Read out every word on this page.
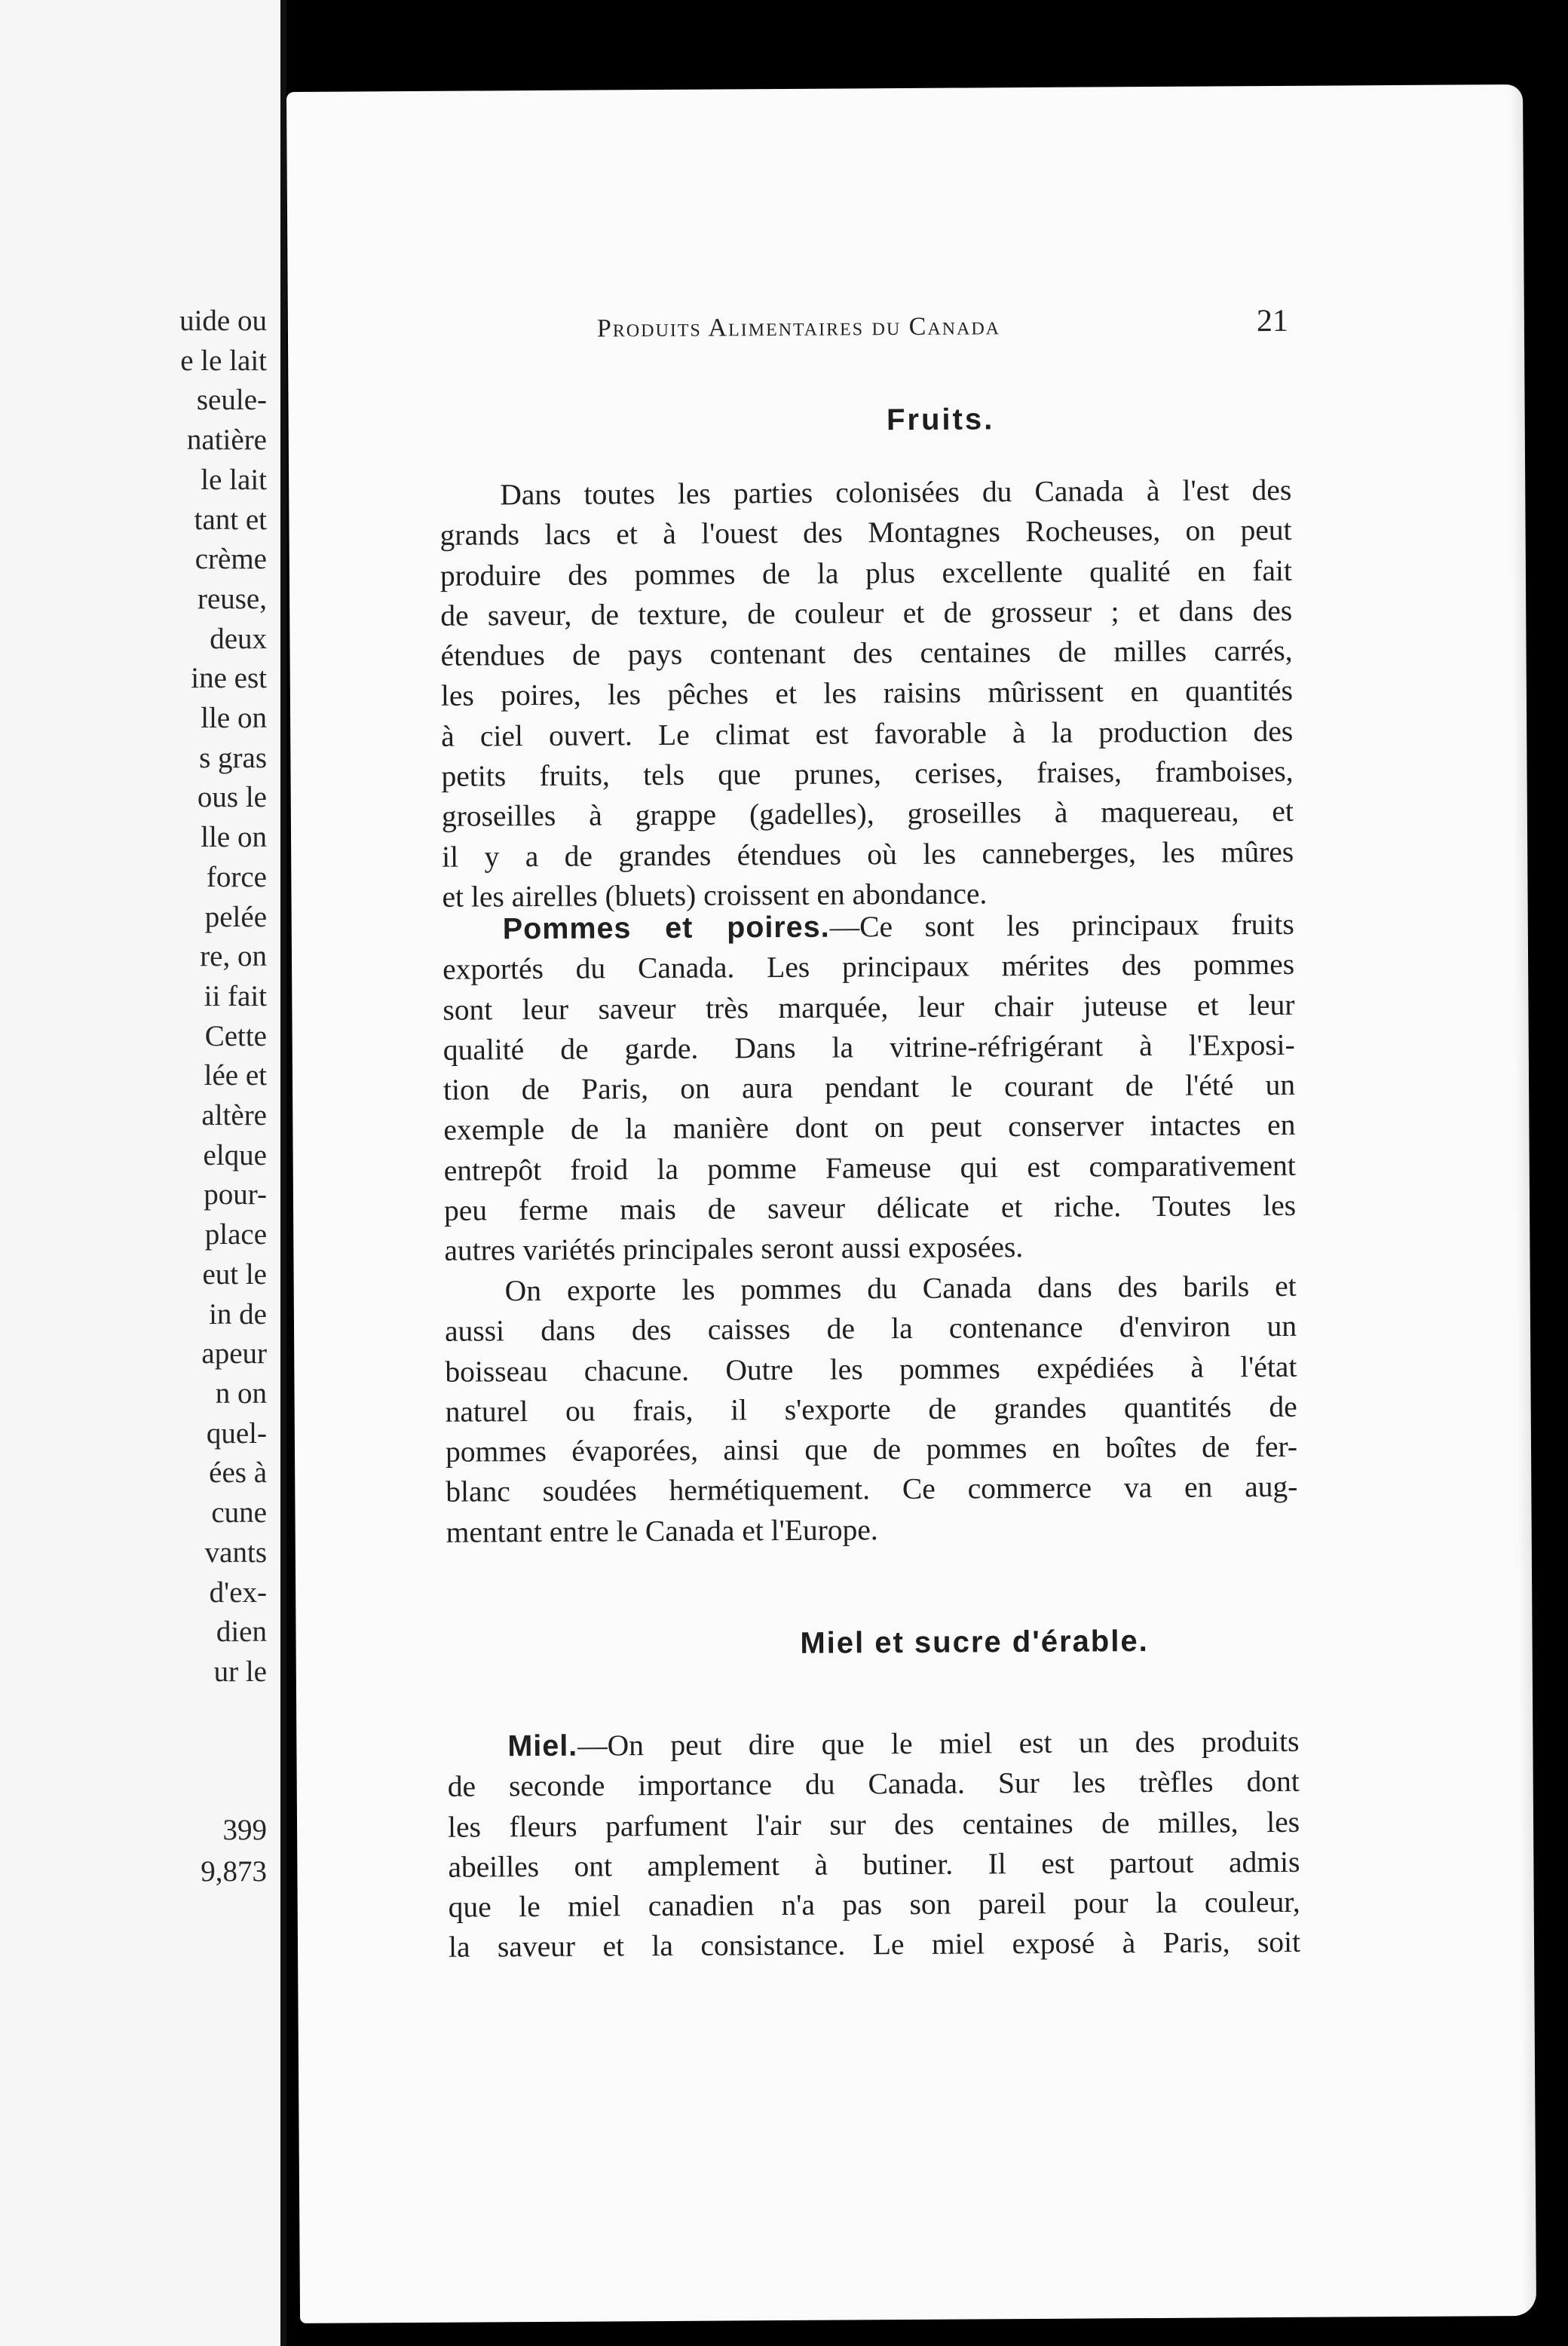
uide ou
e le lait
seule-
natière
le lait
tant et
crème
reuse,
deux
ine est
lle on
s gras
ous le
lle on
force
pelée
re, on
ii fait
Cette
lée et
altère
elque
pour-
place
eut le
in de
apeur
n on
quel-
ées à
cune
vants
d'ex-
dien
ur le
399
9,873
Produits Alimentaires du Canada	21
Fruits.
Dans toutes les parties colonisées du Canada à l'est des
grands lacs et à l'ouest des Montagnes Rocheuses, on peut
produire des pommes de la plus excellente qualité en fait
de saveur, de texture, de couleur et de grosseur ; et dans des
étendues de pays contenant des centaines de milles carrés,
les poires, les pêches et les raisins mûrissent en quantités
à ciel ouvert. Le climat est favorable à la production des
petits fruits, tels que prunes, cerises, fraises, framboises,
groseilles à grappe (gadelles), groseilles à maquereau, et
il y a de grandes étendues où les canneberges, les mûres
et les airelles (bluets) croissent en abondance.
Pommes et poires.—Ce sont les principaux fruits
exportés du Canada. Les principaux mérites des pommes
sont leur saveur très marquée, leur chair juteuse et leur
qualité de garde. Dans la vitrine-réfrigérant à l'Exposi-
tion de Paris, on aura pendant le courant de l'été un
exemple de la manière dont on peut conserver intactes en
entrepôt froid la pomme Fameuse qui est comparativement
peu ferme mais de saveur délicate et riche. Toutes les
autres variétés principales seront aussi exposées.
On exporte les pommes du Canada dans des barils et
aussi dans des caisses de la contenance d'environ un
boisseau chacune. Outre les pommes expédiées à l'état
naturel ou frais, il s'exporte de grandes quantités de
pommes évaporées, ainsi que de pommes en boîtes de fer-
blanc soudées hermétiquement. Ce commerce va en aug-
mentant entre le Canada et l'Europe.
Miel et sucre d'érable.
Miel.—On peut dire que le miel est un des produits
de seconde importance du Canada. Sur les trèfles dont
les fleurs parfument l'air sur des centaines de milles, les
abeilles ont amplement à butiner. Il est partout admis
que le miel canadien n'a pas son pareil pour la couleur,
la saveur et la consistance. Le miel exposé à Paris, soit
